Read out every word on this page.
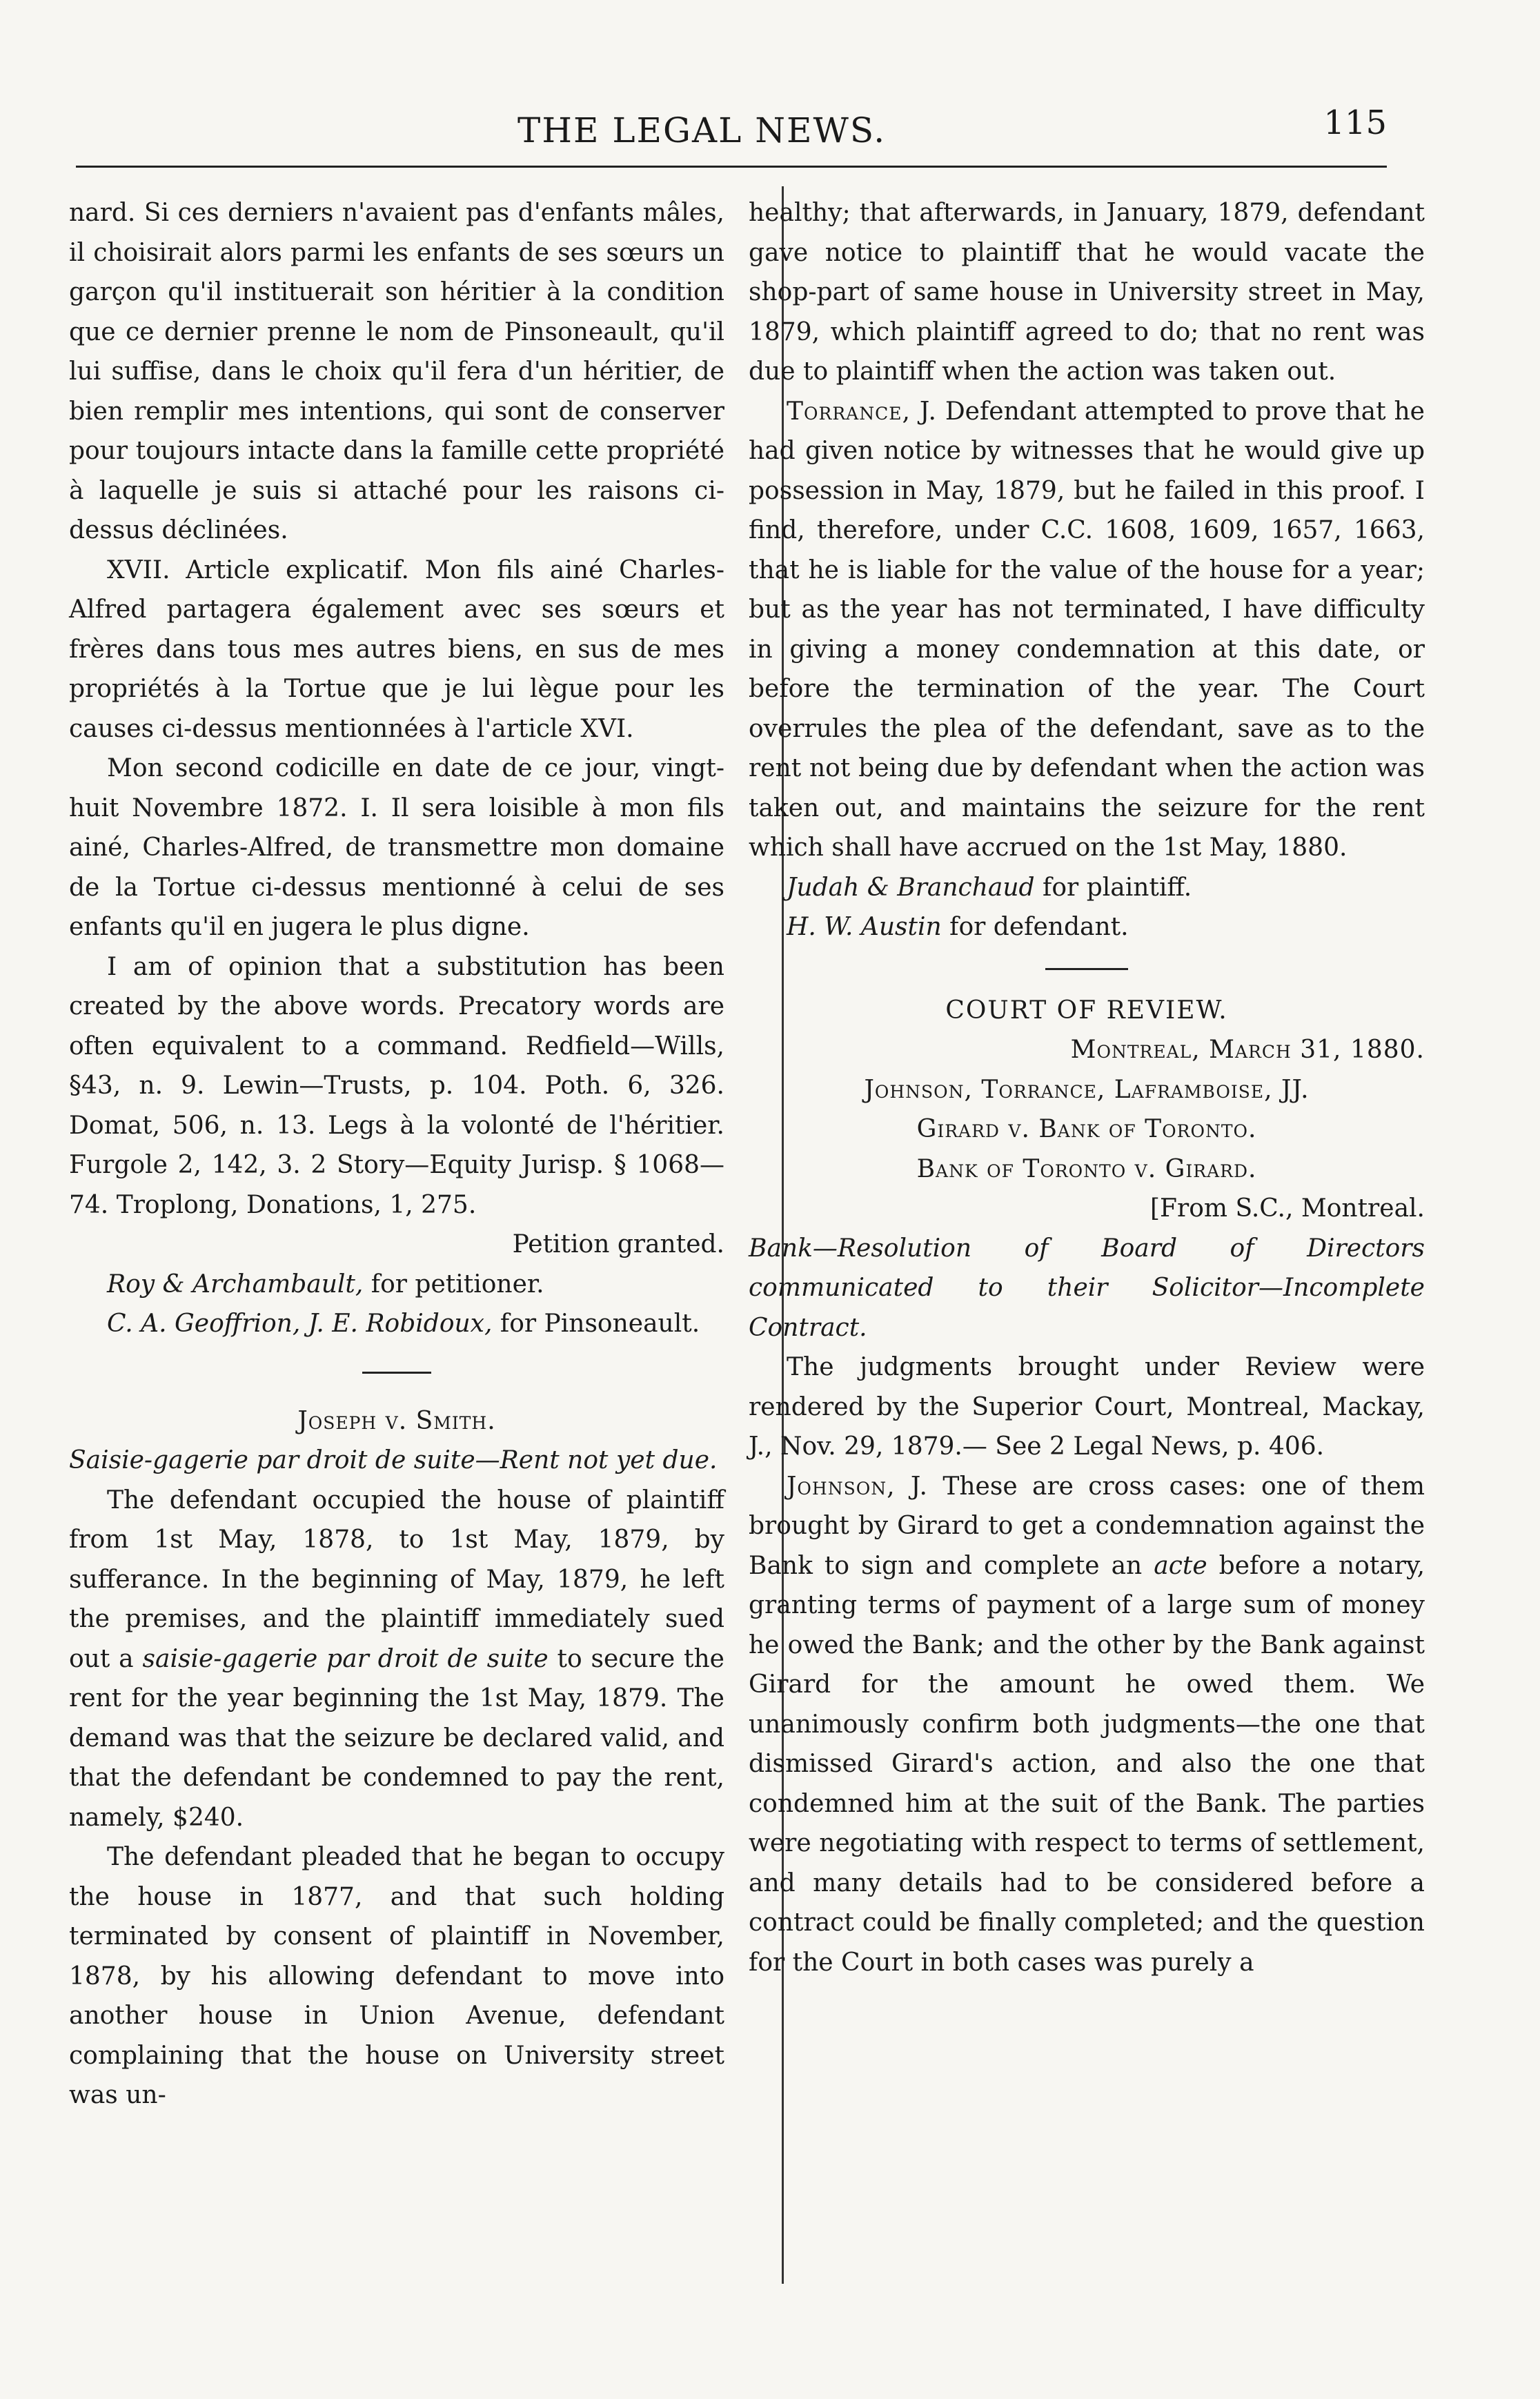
THE LEGAL NEWS.	115

nard. Si ces derniers n'avaient pas d'enfants mâles, il choisirait alors parmi les enfants de ses sœurs un garçon qu'il instituerait son héritier à la condition que ce dernier prenne le nom de Pinsoneault, qu'il lui suffise, dans le choix qu'il fera d'un héritier, de bien remplir mes intentions, qui sont de conserver pour toujours intacte dans la famille cette propriété à laquelle je suis si attaché pour les raisons ci-dessus déclinées.

XVII. Article explicatif. Mon fils ainé Charles-Alfred partagera également avec ses sœurs et frères dans tous mes autres biens, en sus de mes propriétés à la Tortue que je lui lègue pour les causes ci-dessus mentionnées à l'article XVI.

Mon second codicille en date de ce jour, vingt-huit Novembre 1872. I. Il sera loisible à mon fils ainé, Charles-Alfred, de transmettre mon domaine de la Tortue ci-dessus mentionné à celui de ses enfants qu'il en jugera le plus digne.

I am of opinion that a substitution has been created by the above words. Precatory words are often equivalent to a command. Redfield—Wills, §43, n. 9. Lewin—Trusts, p. 104. Poth. 6, 326. Domat, 506, n. 13. Legs à la volonté de l'héritier. Furgole 2, 142, 3. 2 Story—Equity Jurisp. § 1068—74. Troplong, Donations, 1, 275.

Petition granted.

Roy & Archambault, for petitioner.

C. A. Geoffrion, J. E. Robidoux, for Pinsoneault.

Joseph v. Smith.

Saisie-gagerie par droit de suite—Rent not yet due.

The defendant occupied the house of plaintiff from 1st May, 1878, to 1st May, 1879, by sufferance. In the beginning of May, 1879, he left the premises, and the plaintiff immediately sued out a saisie-gagerie par droit de suite to secure the rent for the year beginning the 1st May, 1879. The demand was that the seizure be declared valid, and that the defendant be condemned to pay the rent, namely, $240.

The defendant pleaded that he began to occupy the house in 1877, and that such holding terminated by consent of plaintiff in November, 1878, by his allowing defendant to move into another house in Union Avenue, defendant complaining that the house on University street was un-

healthy; that afterwards, in January, 1879, defendant gave notice to plaintiff that he would vacate the shop-part of same house in University street in May, 1879, which plaintiff agreed to do; that no rent was due to plaintiff when the action was taken out.

Torrance, J. Defendant attempted to prove that he had given notice by witnesses that he would give up possession in May, 1879, but he failed in this proof. I find, therefore, under C.C. 1608, 1609, 1657, 1663, that he is liable for the value of the house for a year; but as the year has not terminated, I have difficulty in giving a money condemnation at this date, or before the termination of the year. The Court overrules the plea of the defendant, save as to the rent not being due by defendant when the action was taken out, and maintains the seizure for the rent which shall have accrued on the 1st May, 1880.

Judah & Branchaud for plaintiff.

H. W. Austin for defendant.

COURT OF REVIEW.

Montreal, March 31, 1880.

Johnson, Torrance, Laframboise, JJ.

Girard v. Bank of Toronto.

Bank of Toronto v. Girard.

[From S.C., Montreal.

Bank—Resolution of Board of Directors communicated to their Solicitor—Incomplete Contract.

The judgments brought under Review were rendered by the Superior Court, Montreal, Mackay, J., Nov. 29, 1879.— See 2 Legal News, p. 406.

Johnson, J. These are cross cases: one of them brought by Girard to get a condemnation against the Bank to sign and complete an acte before a notary, granting terms of payment of a large sum of money he owed the Bank; and the other by the Bank against Girard for the amount he owed them. We unanimously confirm both judgments—the one that dismissed Girard's action, and also the one that condemned him at the suit of the Bank. The parties were negotiating with respect to terms of settlement, and many details had to be considered before a contract could be finally completed; and the question for the Court in both cases was purely a
